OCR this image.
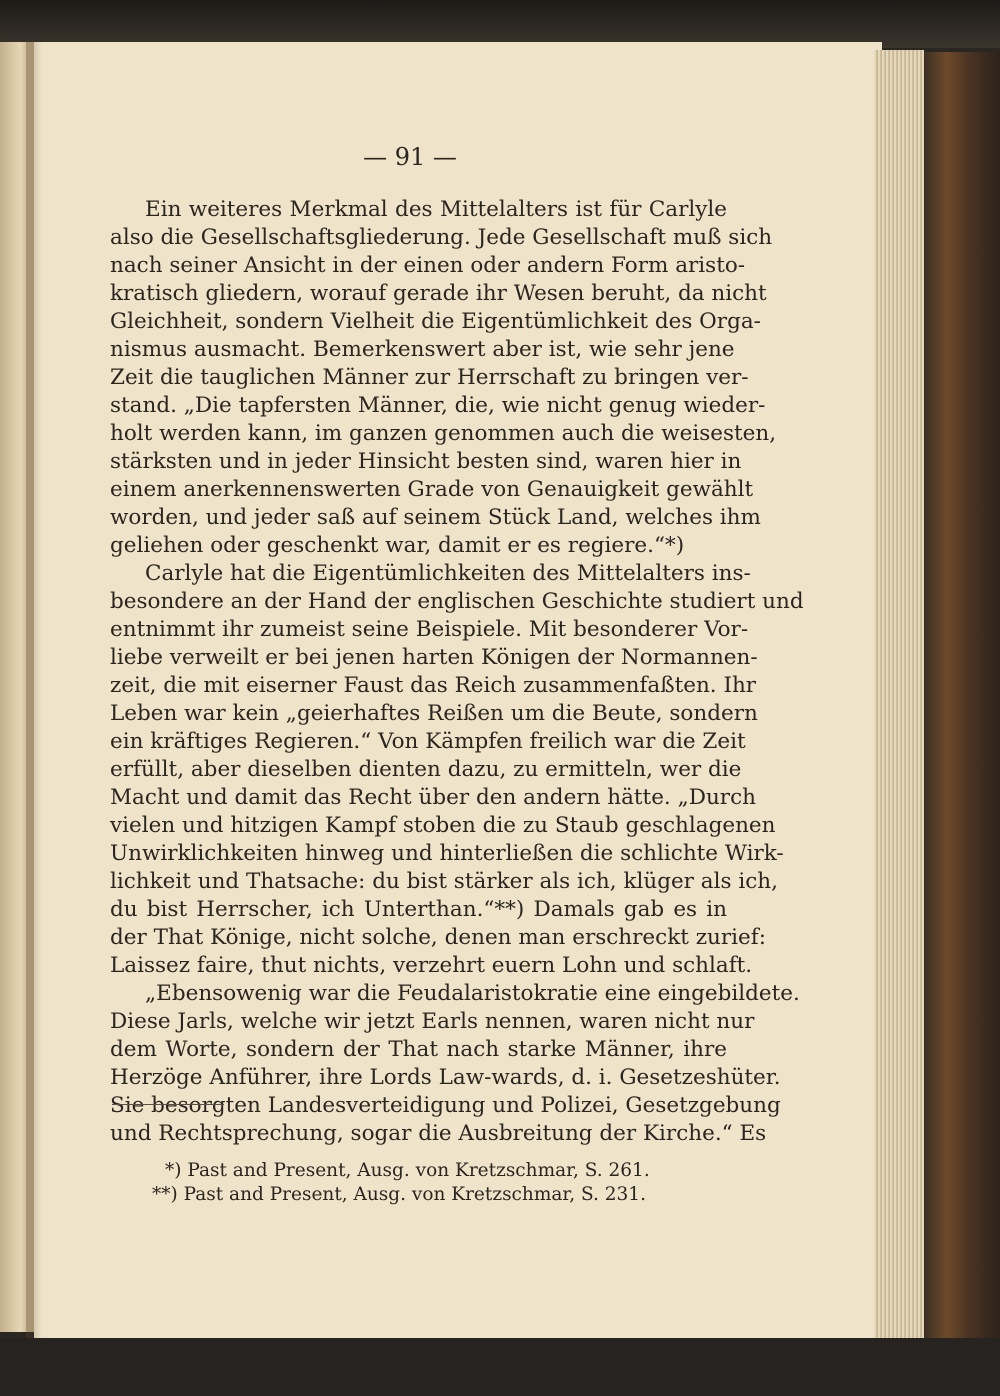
— 91 —

Ein weiteres Merkmal des Mittelalters ist für Carlyle

also die Gesellschaftsgliederung. Jede Gesellschaft muß sich

nach seiner Ansicht in der einen oder andern Form aristo-

kratisch gliedern, worauf gerade ihr Wesen beruht, da nicht

Gleichheit, sondern Vielheit die Eigentümlichkeit des Orga-

nismus ausmacht. Bemerkenswert aber ist, wie sehr jene

Zeit die tauglichen Männer zur Herrschaft zu bringen ver-

stand. „Die tapfersten Männer, die, wie nicht genug wieder-

holt werden kann, im ganzen genommen auch die weisesten,

stärksten und in jeder Hinsicht besten sind, waren hier in

einem anerkennenswerten Grade von Genauigkeit gewählt

worden, und jeder saß auf seinem Stück Land, welches ihm

geliehen oder geschenkt war, damit er es regiere.“*)

Carlyle hat die Eigentümlichkeiten des Mittelalters ins-

besondere an der Hand der englischen Geschichte studiert und

entnimmt ihr zumeist seine Beispiele. Mit besonderer Vor-

liebe verweilt er bei jenen harten Königen der Normannen-

zeit, die mit eiserner Faust das Reich zusammenfaßten. Ihr

Leben war kein „geierhaftes Reißen um die Beute, sondern

ein kräftiges Regieren.“ Von Kämpfen freilich war die Zeit

erfüllt, aber dieselben dienten dazu, zu ermitteln, wer die

Macht und damit das Recht über den andern hätte. „Durch

vielen und hitzigen Kampf stoben die zu Staub geschlagenen

Unwirklichkeiten hinweg und hinterließen die schlichte Wirk-

lichkeit und Thatsache: du bist stärker als ich, klüger als ich,

du bist Herrscher, ich Unterthan.“**) Damals gab es in

der That Könige, nicht solche, denen man erschreckt zurief:

Laissez faire, thut nichts, verzehrt euern Lohn und schlaft.

„Ebensowenig war die Feudalaristokratie eine eingebildete.

Diese Jarls, welche wir jetzt Earls nennen, waren nicht nur

dem Worte, sondern der That nach starke Männer, ihre

Herzöge Anführer, ihre Lords Law-wards, d. i. Gesetzeshüter.

Sie besorgten Landesverteidigung und Polizei, Gesetzgebung

und Rechtsprechung, sogar die Ausbreitung der Kirche.“ Es

*) Past and Present, Ausg. von Kretzschmar, S. 261.

**) Past and Present, Ausg. von Kretzschmar, S. 231.
